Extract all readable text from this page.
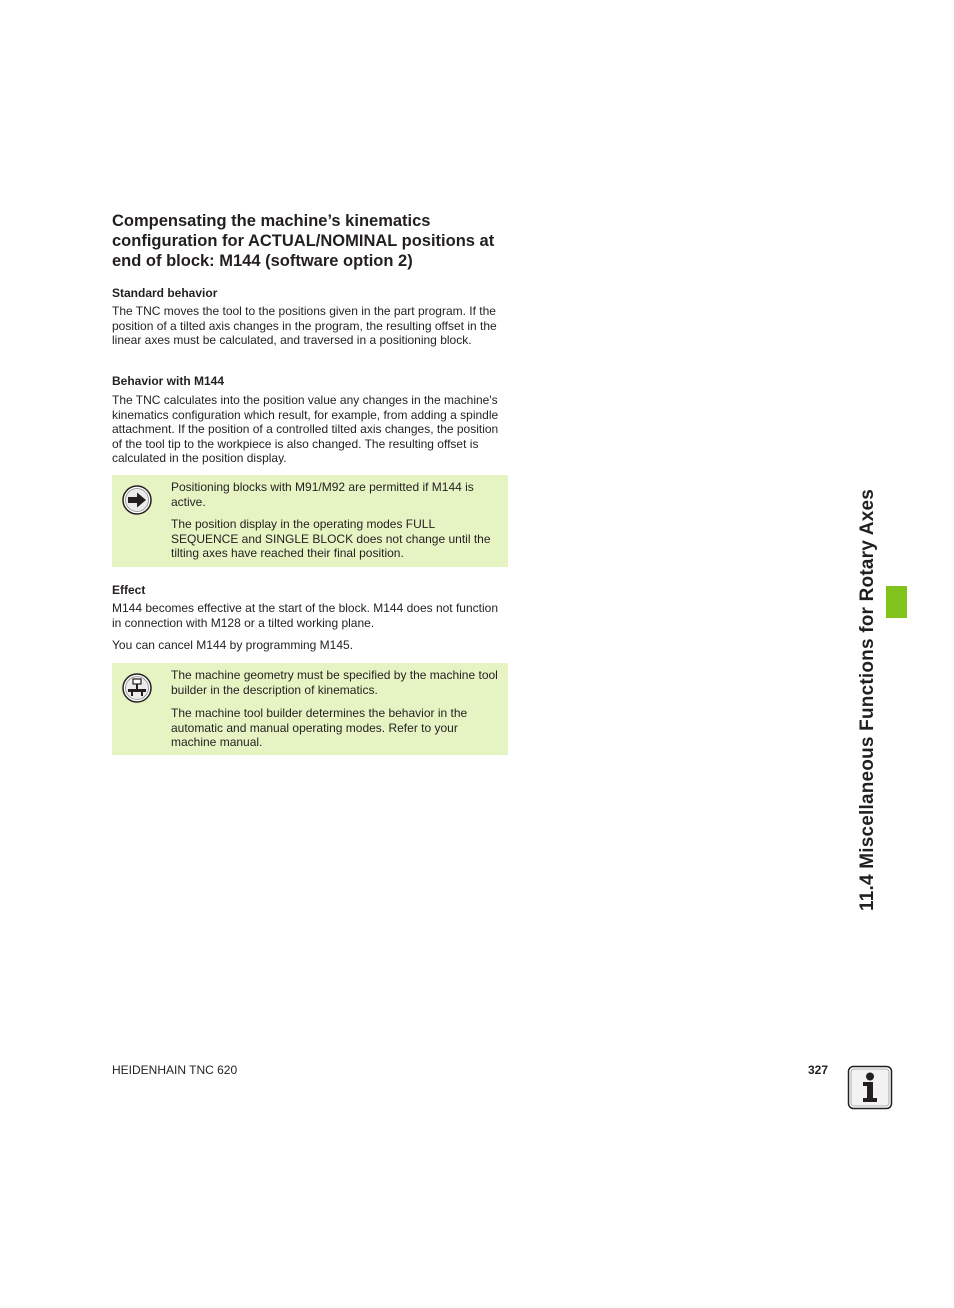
Compensating the machine’s kinematics configuration for ACTUAL/NOMINAL positions at end of block: M144 (software option 2)
Standard behavior

The TNC moves the tool to the positions given in the part program. If the position of a tilted axis changes in the program, the resulting offset in the linear axes must be calculated, and traversed in a positioning block.

Behavior with M144

The TNC calculates into the position value any changes in the machine's kinematics configuration which result, for example, from adding a spindle attachment. If the position of a controlled tilted axis changes, the position of the tool tip to the workpiece is also changed. The resulting offset is calculated in the position display.

Positioning blocks with M91/M92 are permitted if M144 is active.

The position display in the operating modes FULL SEQUENCE and SINGLE BLOCK does not change until the tilting axes have reached their final position.

Effect

M144 becomes effective at the start of the block. M144 does not function in connection with M128 or a tilted working plane.

You can cancel M144 by programming M145.

The machine geometry must be specified by the machine tool builder in the description of kinematics.

The machine tool builder determines the behavior in the automatic and manual operating modes. Refer to your machine manual.	11.4 Miscellaneous Functions for Rotary Axes

HEIDENHAIN TNC 620	327
